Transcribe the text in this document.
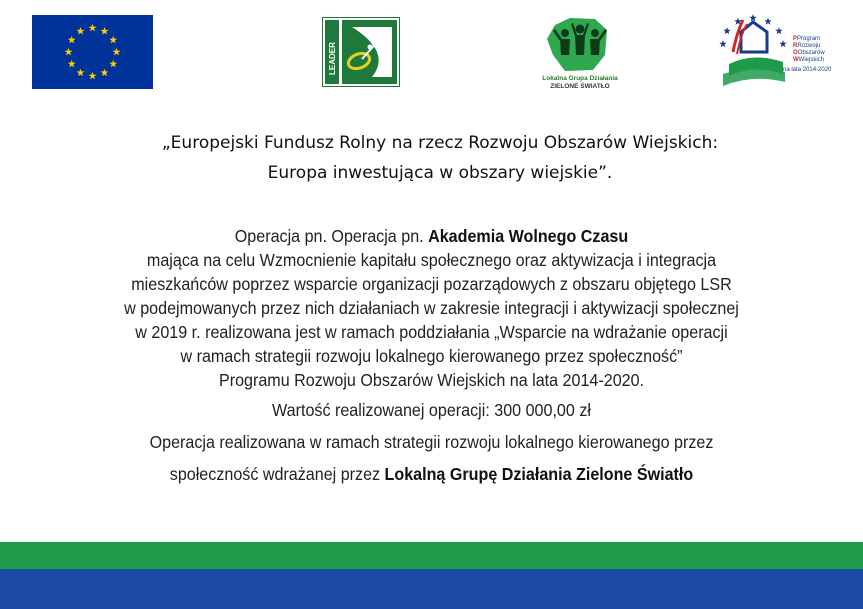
LEADER
Lokalna Grupa Działania
ZIELONE ŚWIATŁO
PProgram
RRozwoju
OObszarów
WWiejskich
na lata 2014-2020
„Europejski Fundusz Rolny na rzecz Rozwoju Obszarów Wiejskich:
Europa inwestująca w obszary wiejskie”.
Operacja pn. Operacja pn. Akademia Wolnego Czasu
mająca na celu Wzmocnienie kapitału społecznego oraz aktywizacja i integracja
mieszkańców poprzez wsparcie organizacji pozarządowych z obszaru objętego LSR
w podejmowanych przez nich działaniach w zakresie integracji i aktywizacji społecznej
w 2019 r. realizowana jest w ramach poddziałania „Wsparcie na wdrażanie operacji
w ramach strategii rozwoju lokalnego kierowanego przez społeczność”
Programu Rozwoju Obszarów Wiejskich na lata 2014-2020.
Wartość realizowanej operacji: 300 000,00 zł
Operacja realizowana w ramach strategii rozwoju lokalnego kierowanego przez
społeczność wdrażanej przez Lokalną Grupę Działania Zielone Światło
